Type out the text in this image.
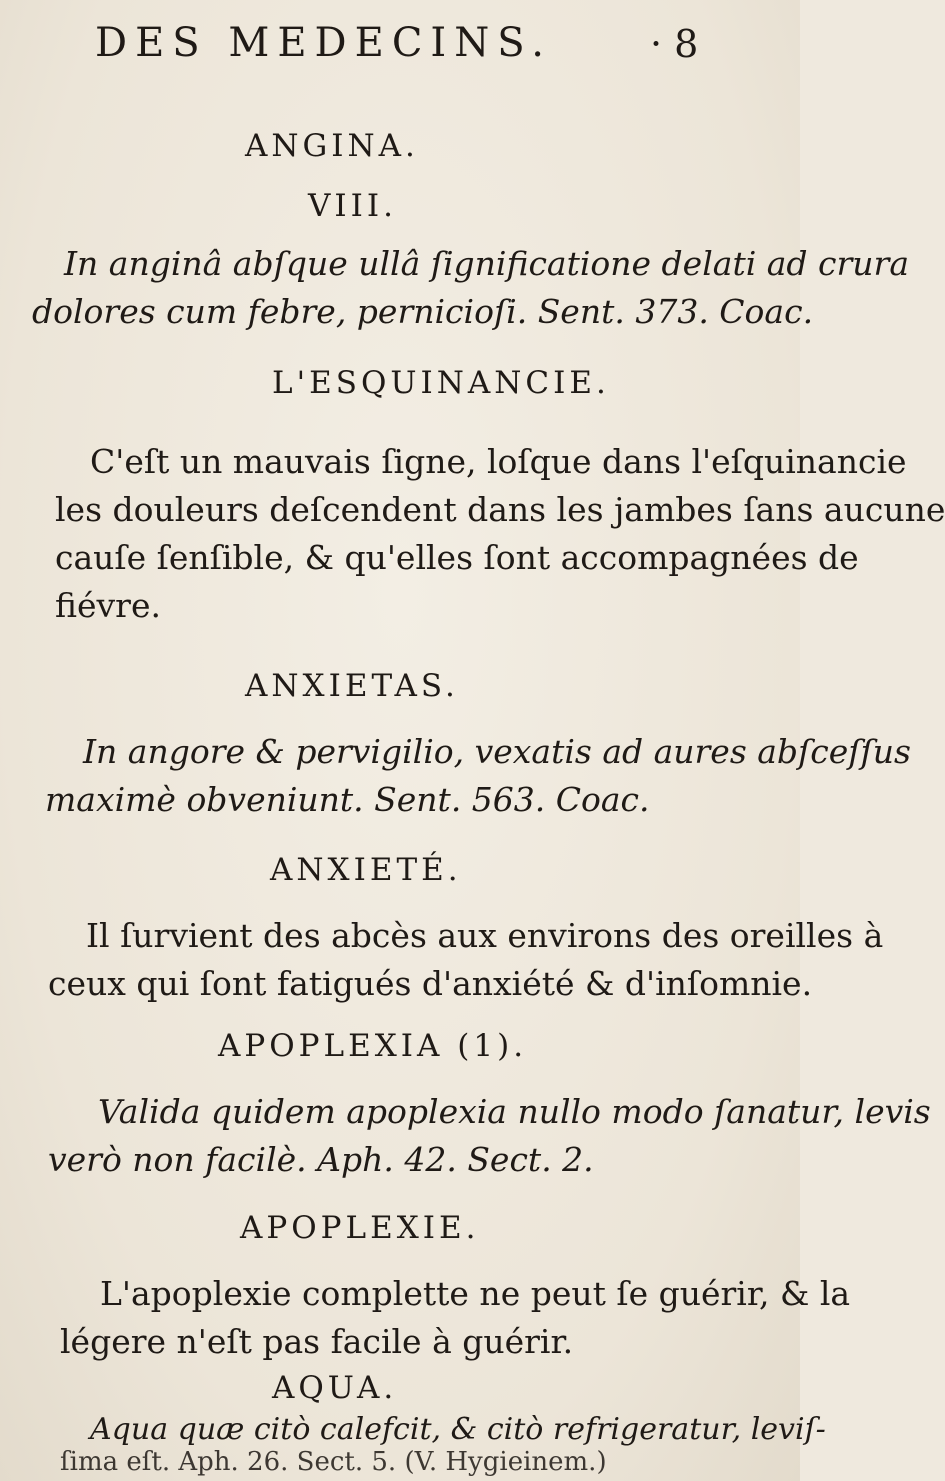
DES MEDECINS.	· 8
ANGINA.
VIII.
In anginâ abſque ullâ ſignificatione delati ad crura
dolores cum febre, pernicioſi. Sent. 373. Coac.
L'ESQUINANCIE.
C'eſt un mauvais ſigne, loſque dans l'eſquinancie
les douleurs deſcendent dans les jambes ſans aucune
cauſe ſenſible, & qu'elles ſont accompagnées de
fiévre.
ANXIETAS.
In angore & pervigilio, vexatis ad aures abſceſſus
maximè obveniunt. Sent. 563. Coac.
ANXIETÉ.
Il ſurvient des abcès aux environs des oreilles à
ceux qui ſont fatigués d'anxiété & d'inſomnie.
APOPLEXIA (1).
Valida quidem apoplexia nullo modo ſanatur, levis
verò non facilè. Aph. 42. Sect. 2.
APOPLEXIE.
L'apoplexie complette ne peut ſe guérir, & la
légere n'eſt pas facile à guérir.
AQUA.
Aqua quæ citò calefcit, & citò refrigeratur, leviſ-
ſima eſt. Aph. 26. Sect. 5. (V. Hygieinem.)
